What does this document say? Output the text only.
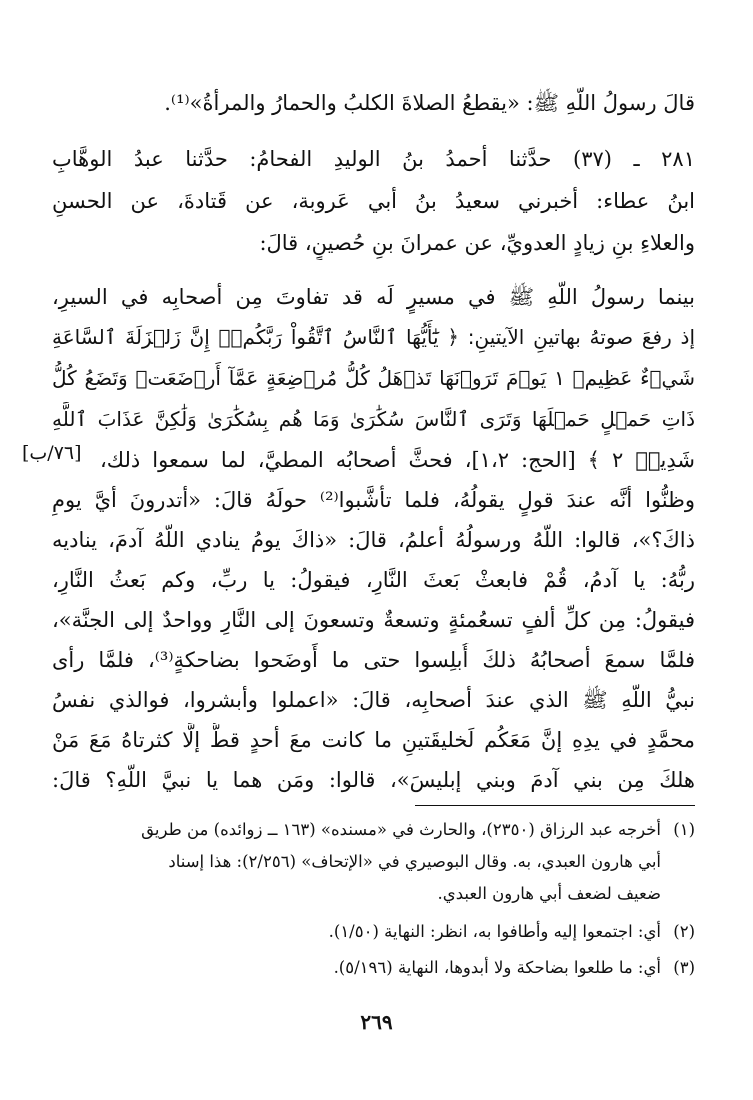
قالَ رسولُ اللّهِ ﷺ: «يقطعُ الصلاةَ الكلبُ والحمارُ والمرأةُ»⁽¹⁾.
٢٨١ ـ (٣٧) حدَّثنا أحمدُ بنُ الوليدِ الفحامُ: حدَّثنا عبدُ الوهَّابِ
ابنُ عطاء: أخبرني سعيدُ بنُ أبي عَروبة، عن قَتادةَ، عن الحسنِ
والعلاءِ بنِ زيادٍ العدويِّ، عن عمرانَ بنِ حُصينٍ، قالَ:
بينما رسولُ اللّهِ ﷺ في مسيرٍ لَه قد تفاوتَ مِن أصحابِه في السيرِ،
إذ رفعَ صوتهُ بهاتينِ الآيتينِ: ﴿ يَٰٓأَيُّهَا ٱلنَّاسُ ٱتَّقُواْ رَبَّكُمۡۚ إِنَّ زَلۡزَلَةَ ٱلسَّاعَةِ
شَيۡءٌ عَظِيمٞ ١ يَوۡمَ تَرَوۡنَهَا تَذۡهَلُ كُلُّ مُرۡضِعَةٍ عَمَّآ أَرۡضَعَتۡ وَتَضَعُ كُلُّ
ذَاتِ حَمۡلٍ حَمۡلَهَا وَتَرَى ٱلنَّاسَ سُكَٰرَىٰ وَمَا هُم بِسُكَٰرَىٰ وَلَٰكِنَّ عَذَابَ ٱللَّهِ
شَدِيدٞ ٢ ﴾ [الحج: ١،٢]، فحثَّ أصحابُه المطيَّ، لما سمعوا ذلك،
[٧٦/ب]
وظنُّوا أنَّه عندَ قولٍ يقولُهُ، فلما تأشَّبوا⁽²⁾ حولَهُ قالَ: «أتدرونَ أيَّ يومِ
ذاكَ؟»، قالوا: اللّهُ ورسولُهُ أعلمُ، قالَ: «ذاكَ يومُ ينادي اللّهُ آدمَ، يناديه
ربُّهُ: يا آدمُ، قُمْ فابعثْ بَعثَ النَّارِ، فيقولُ: يا ربِّ، وكم بَعثُ النَّارِ،
فيقولُ: مِن كلِّ ألفٍ تسعُمئةٍ وتسعةٌ وتسعونَ إلى النَّارِ وواحدٌ إلى الجنَّة»،
فلمَّا سمعَ أصحابُهُ ذلكَ أُبلِسوا حتى ما أَوضَحوا بضاحكةٍ⁽³⁾، فلمَّا رأى
نبيُّ اللّهِ ﷺ الذي عندَ أصحابِه، قالَ: «اعملوا وأبشروا، فوالذي نفسُ
محمَّدٍ في يدِهِ إنَّ مَعَكُم لَخليقَتينِ ما كانت معَ أحدٍ قطُّ إلَّا كثرتاهُ مَعَ مَنْ
هلكَ مِن بني آدمَ وبني إبليسَ»، قالوا: ومَن هما يا نبيَّ اللّهِ؟ قالَ:
(١)أخرجه عبد الرزاق (٢٣٥٠)، والحارث في «مسنده» (١٦٣ ــ زوائده) من طريق
أبي هارون العبدي، به. وقال البوصيري في «الإتحاف» (٢/٢٥٦): هذا إسناد
ضعيف لضعف أبي هارون العبدي.
(٢)أي: اجتمعوا إليه وأطافوا به، انظر: النهاية (١/٥٠).
(٣)أي: ما طلعوا بضاحكة ولا أبدوها، النهاية (٥/١٩٦).
٢٦٩
